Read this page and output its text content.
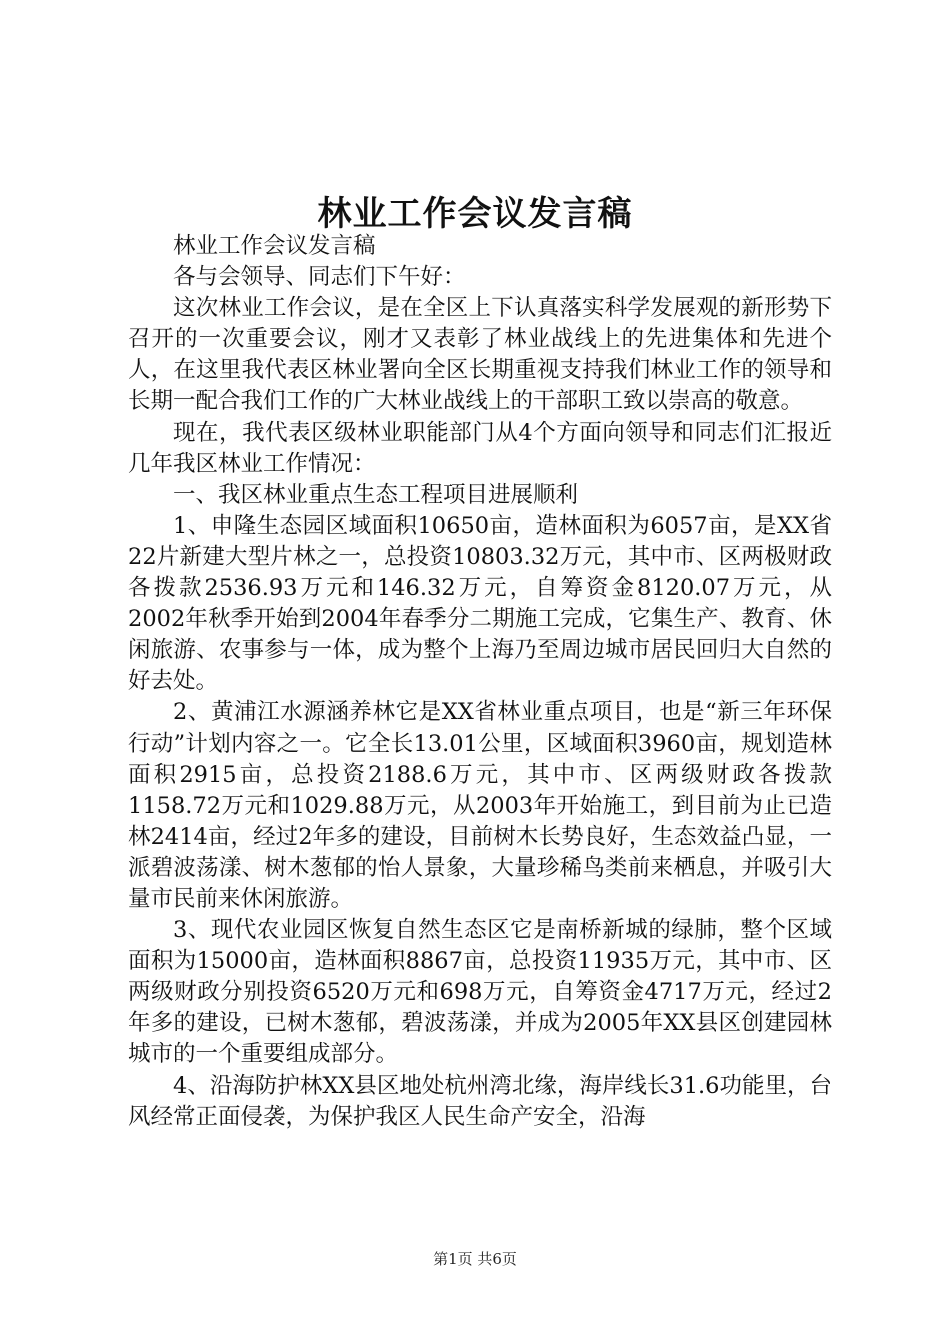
林业工作会议发言稿

林业工作会议发言稿

各与会领导、同志们下午好：

这次林业工作会议，是在全区上下认真落实科学发展观的新形势下召开的一次重要会议，刚才又表彰了林业战线上的先进集体和先进个人，在这里我代表区林业署向全区长期重视支持我们林业工作的领导和长期一配合我们工作的广大林业战线上的干部职工致以崇高的敬意。

现在，我代表区级林业职能部门从4个方面向领导和同志们汇报近几年我区林业工作情况：

一、我区林业重点生态工程项目进展顺利

1、申隆生态园区域面积10650亩，造林面积为6057亩，是XX省22片新建大型片林之一，总投资10803.32万元，其中市、区两极财政各拨款2536.93万元和146.32万元，自筹资金8120.07万元，从2002年秋季开始到2004年春季分二期施工完成，它集生产、教育、休闲旅游、农事参与一体，成为整个上海乃至周边城市居民回归大自然的好去处。

2、黄浦江水源涵养林它是XX省林业重点项目，也是“新三年环保行动”计划内容之一。它全长13.01公里，区域面积3960亩，规划造林面积2915亩，总投资2188.6万元，其中市、区两级财政各拨款1158.72万元和1029.88万元，从2003年开始施工，到目前为止已造林2414亩，经过2年多的建设，目前树木长势良好，生态效益凸显，一派碧波荡漾、树木葱郁的怡人景象，大量珍稀鸟类前来栖息，并吸引大量市民前来休闲旅游。

3、现代农业园区恢复自然生态区它是南桥新城的绿肺，整个区域面积为15000亩，造林面积8867亩，总投资11935万元，其中市、区两级财政分别投资6520万元和698万元，自筹资金4717万元，经过2年多的建设，已树木葱郁，碧波荡漾，并成为2005年XX县区创建园林城市的一个重要组成部分。

4、沿海防护林XX县区地处杭州湾北缘，海岸线长31.6功能里，台风经常正面侵袭，为保护我区人民生命产安全，沿海

第1页 共6页
